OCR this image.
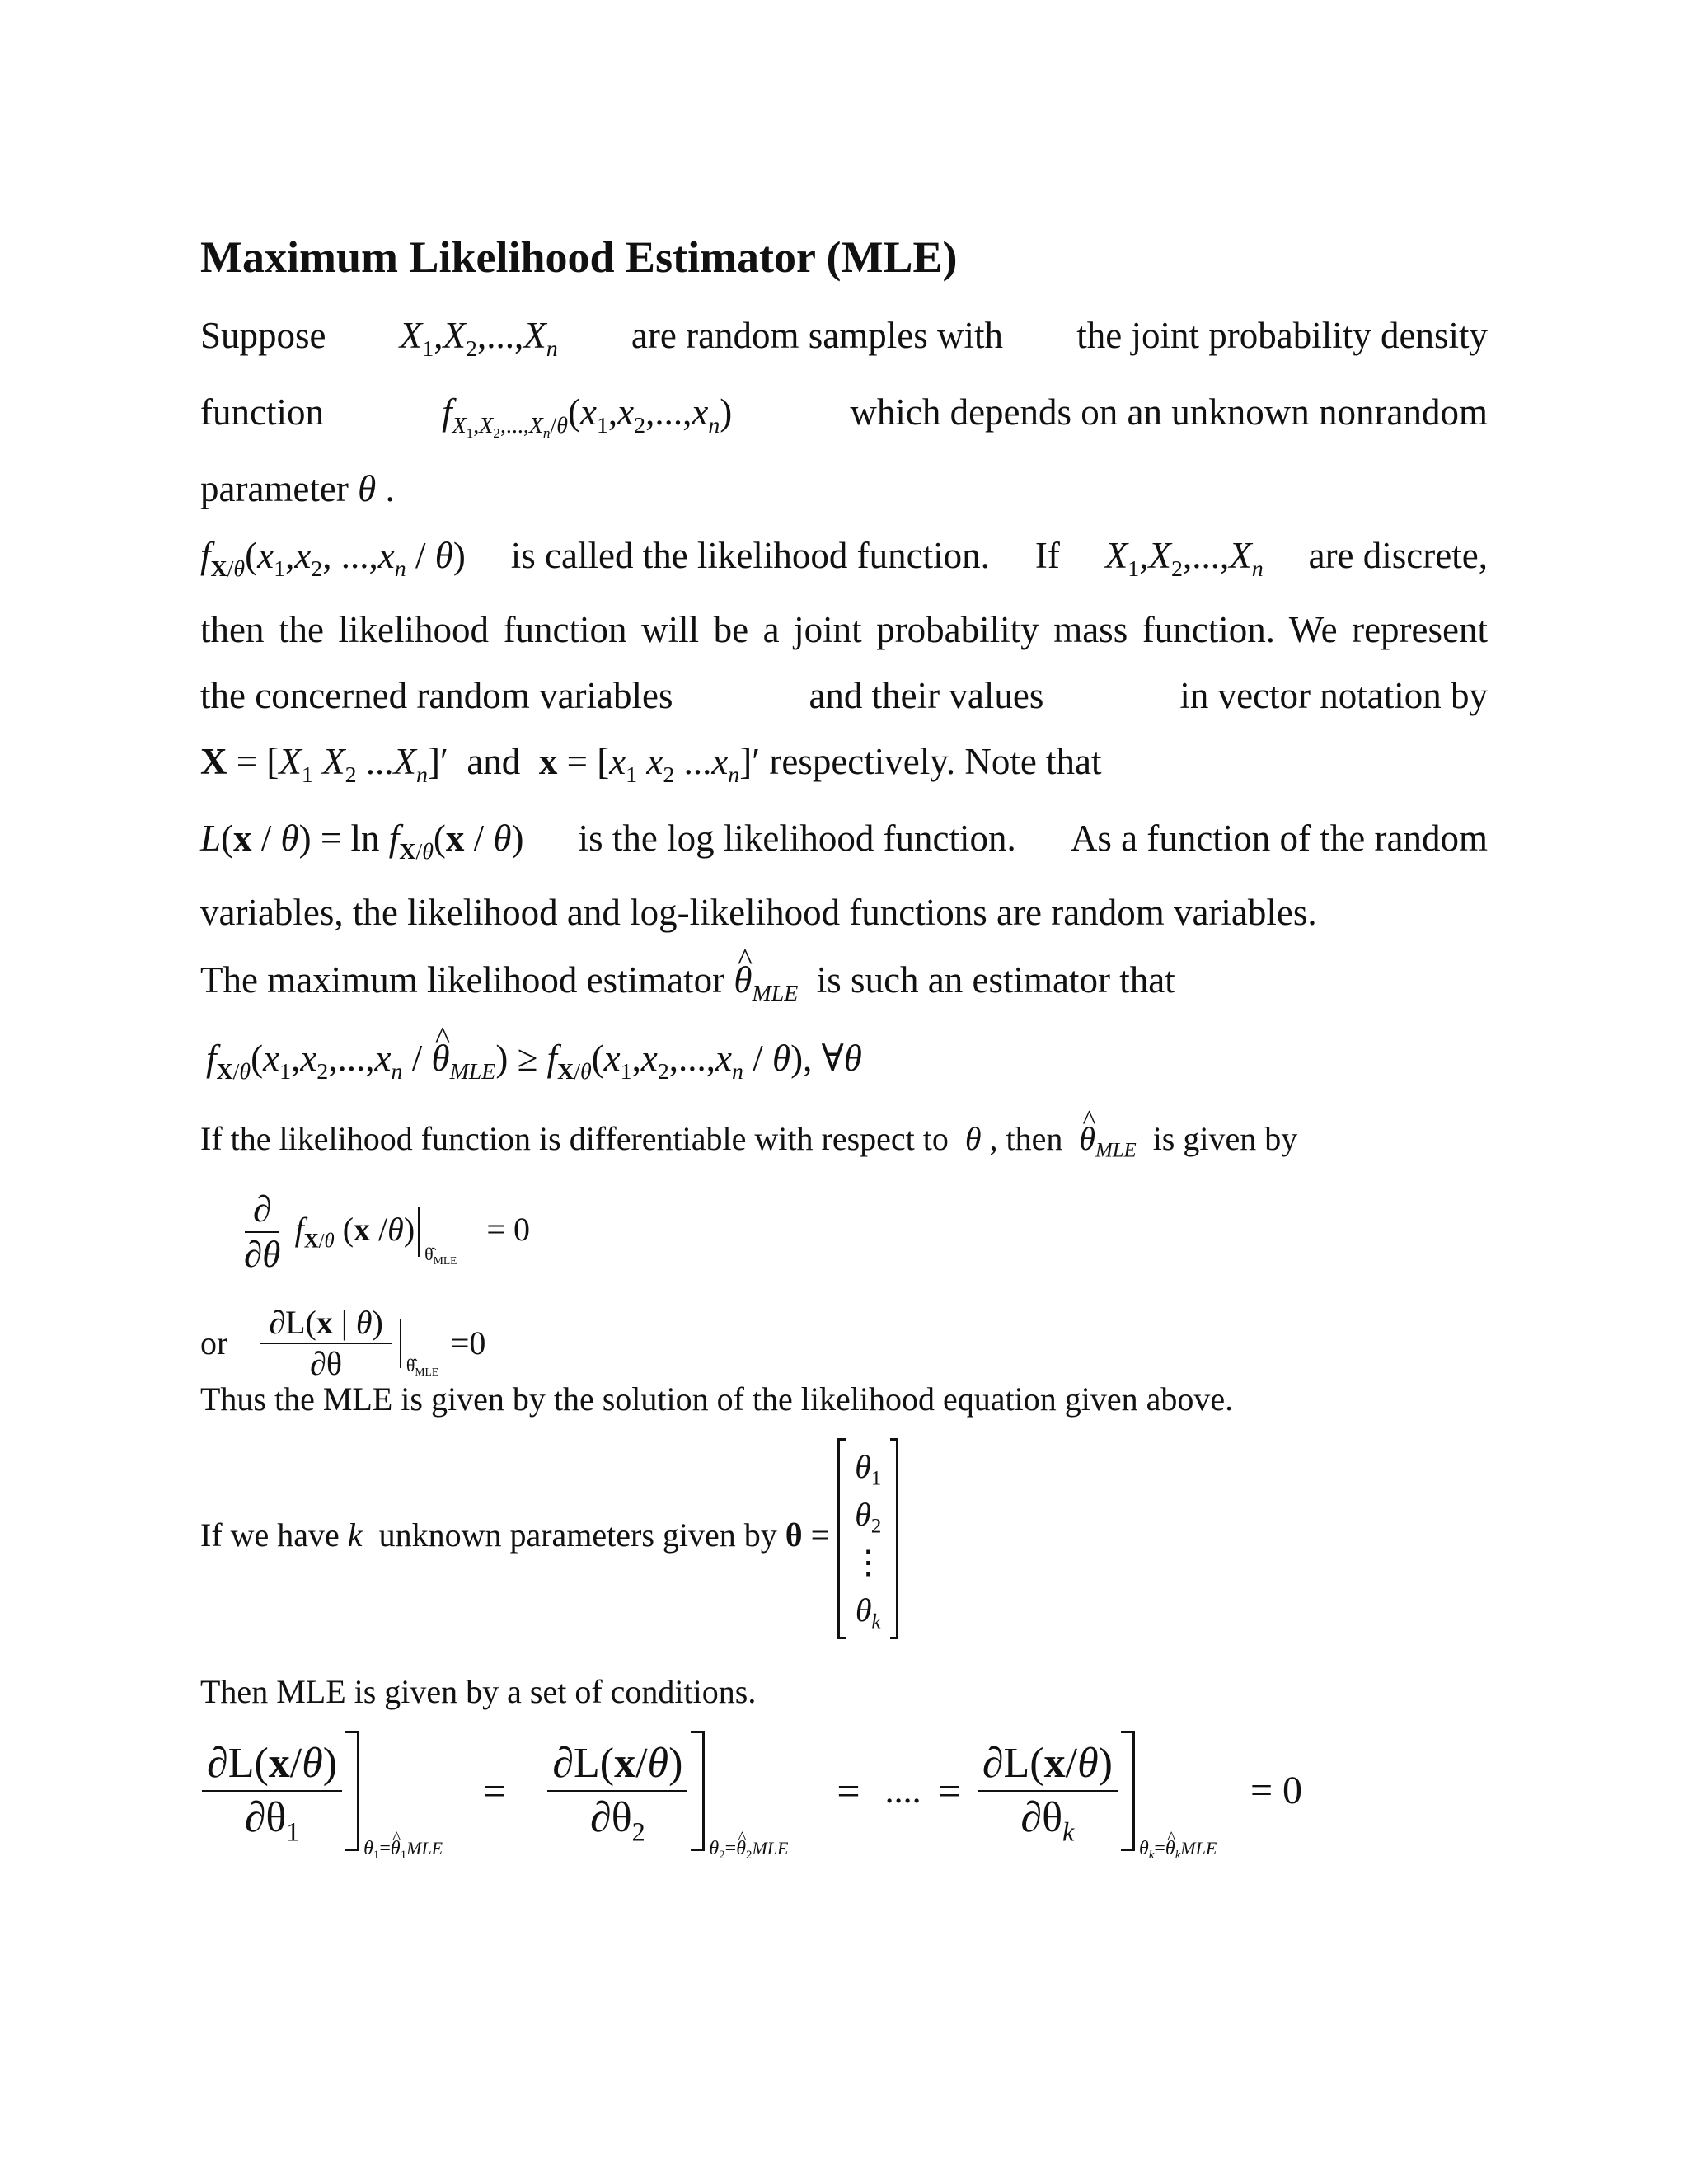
Maximum Likelihood Estimator (MLE)
Suppose $X_1,X_2,...,X_n$ are random samples with the joint probability density
function	$f_{X_1,X_2,...,X_n/\theta}(x_1,x_2,...,x_n)$	which depends on an unknown nonrandom
parameter θ .
$f_{X/\theta}(x_1,x_2$, $...,x_n / \theta$) is called the likelihood function. If $X_1,X_2,...,X_n$ are discrete,
then the likelihood function will be a joint probability mass function. We represent
the concerned random variables	and their values	in vector notation by
$X = [X_1$ $X_2$ $...X_n]'$  and $x = [x_1$ $x_2$ $...x_n]'$ respectively. Note that
$L(x / \theta) = \ln f_{X/\theta}(x / \theta)$ is the log likelihood function. As a function of the random
variables, the likelihood and log-likelihood functions are random variables.
The maximum likelihood estimator ^ $\theta_{MLE}$ is such an estimator that
$f_{X/\theta}(x_1,x_2,...,x_n$ / ^ $\theta_{MLE}) \ge f_{X/\theta}(x_1,x_2,...,x_n / \theta)$, ∀θ
If the likelihood function is differentiable with respect to θ , then ^ $\theta_{MLE}$ is given by
$\frac{\partial}{\partial\theta} f_{X/\theta}$ (x /θ)
$\thetâ_{MLE}$
= 0
or $\frac{\partial L(x | \theta)}{\partial\theta}$ $\thetâ_{MLE}$
=0
Thus the MLE is given by the solution of the likelihood equation given above.
If we have k unknown parameters given by θ =
$\theta_1$
$\theta_2$
⋮
$\theta_k$
Then MLE is given by a set of conditions.
∂L(x/θ)
$\partial\theta_1$
$\theta_1=\^{}$ $\theta_1MLE$
= $\frac{\partial L(x/\theta)}{\partial\theta_2}$
$\theta_2=\^{}$ $\theta_2MLE$
= .... = $\frac{\partial L(x/\theta)}{\partial\theta_k}$
$\theta_k=\^{}$ $\theta_kMLE$
= 0
